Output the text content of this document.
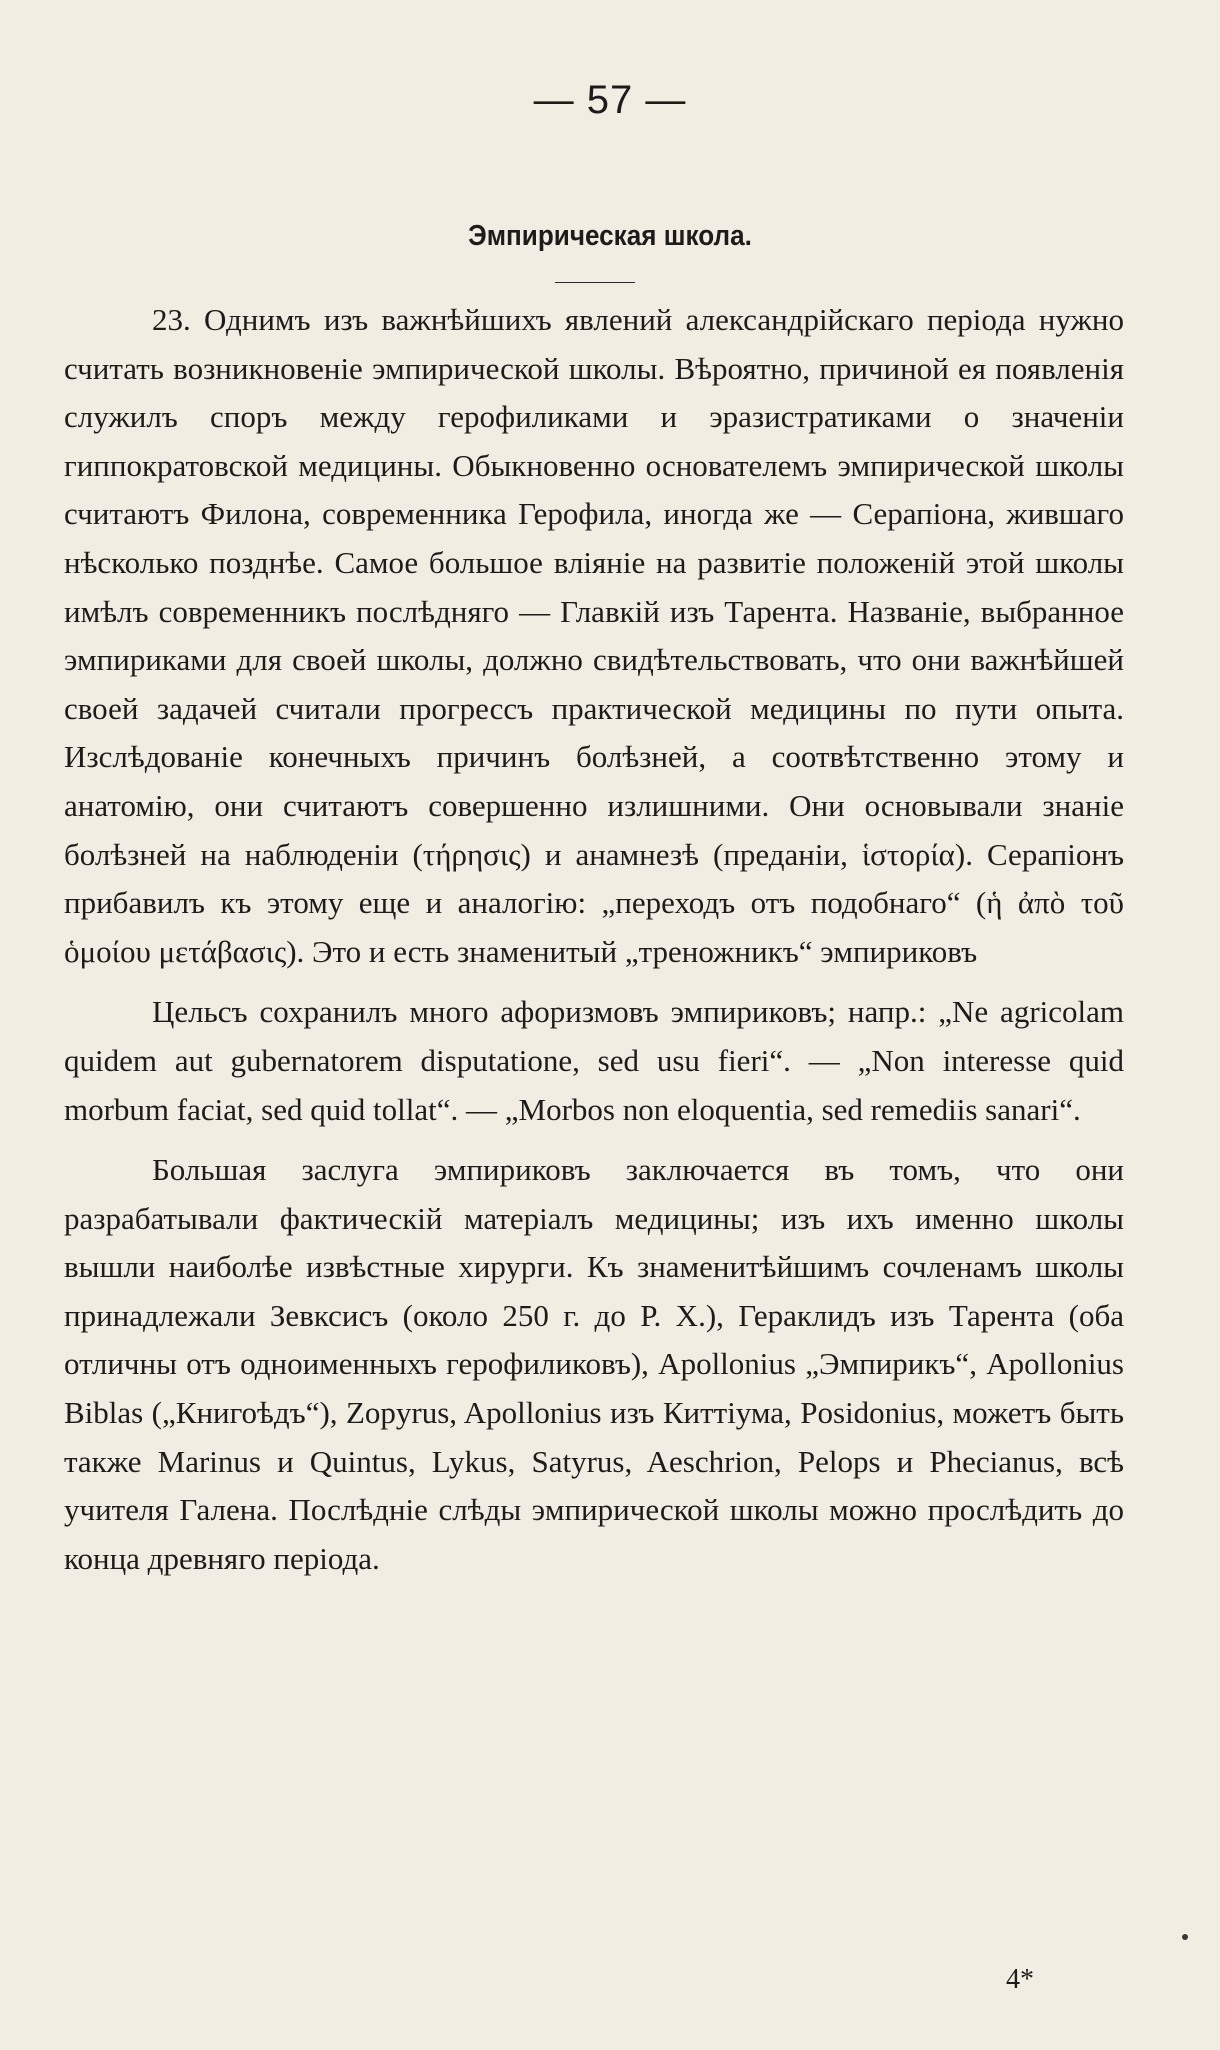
— 57 —
Эмпирическая школа.

23. Однимъ изъ важнѣйшихъ явлений александрійскаго періода нужно считать возникновеніе эмпирической школы. Вѣроятно, причиной ея появленія служилъ споръ между герофиликами и эразистратиками о значеніи гиппократовской медицины. Обыкновенно основателемъ эмпирической школы считаютъ Филона, современника Герофила, иногда же — Серапіона, жившаго нѣсколько позднѣе. Самое большое вліяніе на развитіе положеній этой школы имѣлъ современникъ послѣдняго — Главкій изъ Тарента. Названіе, выбранное эмпириками для своей школы, должно свидѣтельствовать, что они важнѣйшей своей задачей считали прогрессъ практической медицины по пути опыта. Изслѣдованіе конечныхъ причинъ болѣзней, а соотвѣтственно этому и анатомію, они считаютъ совершенно излишними. Они основывали знаніе болѣзней на наблюденіи (τήρησις) и анамнезѣ (преданіи, ἱστορία). Серапіонъ прибавилъ къ этому еще и аналогію: „переходъ отъ подобнаго“ (ἡ ἀπὸ τοῦ ὁμοίου μετάβασις). Это и есть знаменитый „треножникъ“ эмпириковъ

Цельсъ сохранилъ много афоризмовъ эмпириковъ; напр.: „Ne agricolam quidem aut gubernatorem disputatione, sed usu fieri“. — „Non interesse quid morbum faciat, sed quid tollat“. — „Morbos non eloquentia, sed remediis sanari“.

Большая заслуга эмпириковъ заключается въ томъ, что они разрабатывали фактическій матеріалъ медицины; изъ ихъ именно школы вышли наиболѣе извѣстные хирурги. Къ знаменитѣйшимъ сочленамъ школы принадлежали Зевксисъ (около 250 г. до Р. Х.), Гераклидъ изъ Тарента (оба отличны отъ одноименныхъ герофиликовъ), Apollonius „Эмпирикъ“, Apollonius Biblas („Книгоѣдъ“), Zopyrus, Apollonius изъ Киттіума, Posidonius, можетъ быть также Marinus и Quintus, Lykus, Satyrus, Aeschrion, Pelops и Phecianus, всѣ учителя Галена. Послѣдніе слѣды эмпирической школы можно прослѣдить до конца древняго періода.

4*
